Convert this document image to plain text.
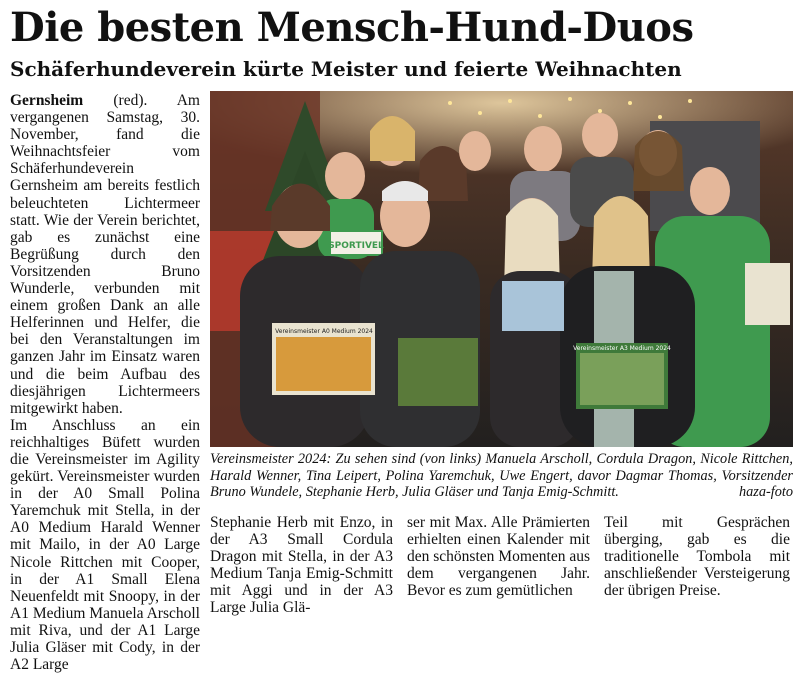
Die besten Mensch-Hund-Duos
Schäferhundeverein kürte Meister und feierte Weihnachten
Gernsheim (red). Am vergangenen Samstag, 30. November, fand die Weihnachtsfeier vom Schäferhundeverein Gernsheim am bereits festlich beleuchteten Lichtermeer statt. Wie der Verein berichtet, gab es zunächst eine Begrüßung durch den Vorsitzenden Bruno Wunderle, verbunden mit einem großen Dank an alle Helferinnen und Helfer, die bei den Veranstaltungen im ganzen Jahr im Einsatz waren und die beim Aufbau des diesjährigen Lichtermeers mitgewirkt haben.
Im Anschluss an ein reichhaltiges Büfett wurden die Vereinsmeister im Agility gekürt. Vereinsmeister wurden in der A0 Small Polina Yaremchuk mit Stella, in der A0 Medium Harald Wenner mit Mailo, in der A0 Large Nicole Rittchen mit Cooper, in der A1 Small Elena Neuenfeldt mit Snoopy, in der A1 Medium Manuela Arscholl mit Riva, und der A1 Large Julia Gläser mit Cody, in der A2 Large
SPORTIVEL
Vereinsmeister A0 Medium 2024
Vereinsmeister A3 Medium 2024
Vereinsmeister 2024: Zu sehen sind (von links) Manuela Arscholl, Cordula Dragon, Nicole Rittchen, Harald Wenner, Tina Leipert, Polina Yaremchuk, Uwe Engert, davor Dagmar Thomas, Vorsitzender Bruno Wundele, Stephanie Herb, Julia Gläser und Tanja Emig-Schmitt.	haza-foto
Stephanie Herb mit Enzo, in der A3 Small Cordula Dragon mit Stella, in der A3 Medium Tanja Emig-Schmitt mit Aggi und in der A3 Large Julia Glä-
ser mit Max. Alle Prämierten erhielten einen Kalender mit den schönsten Momenten aus dem vergangenen Jahr. Bevor es zum gemütlichen
Teil mit Gesprächen überging, gab es die traditionelle Tombola mit anschließender Versteigerung der übrigen Preise.
